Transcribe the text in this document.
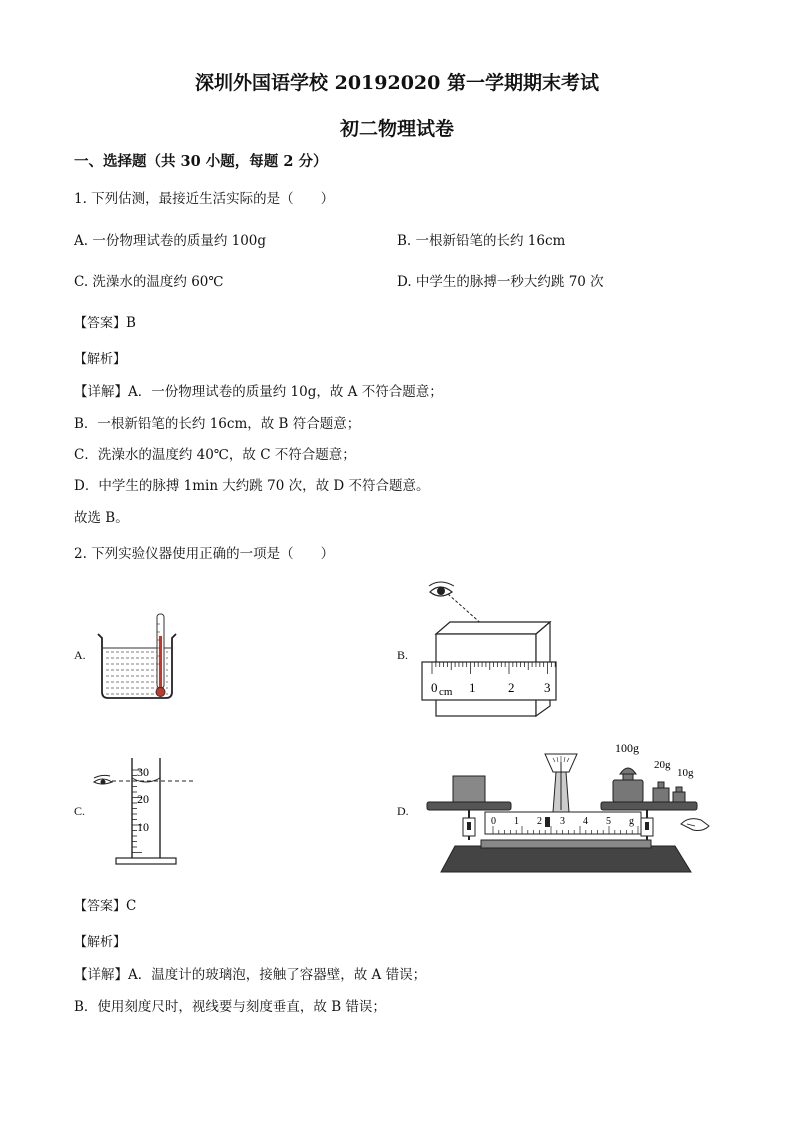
深圳外国语学校 20192020 第一学期期末考试
初二物理试卷
一、选择题（共 30 小题，每题 2 分）
1. 下列估测，最接近生活实际的是（　　）
A. 一份物理试卷的质量约 100g	B. 一根新铅笔的长约 16cm
C. 洗澡水的温度约 60℃	D. 中学生的脉搏一秒大约跳 70 次
【答案】B
【解析】
【详解】A．一份物理试卷的质量约 10g，故 A 不符合题意；
B．一根新铅笔的长约 16cm，故 B 符合题意；
C．洗澡水的温度约 40℃，故 C 不符合题意；
D．中学生的脉搏 1min 大约跳 70 次，故 D 不符合题意。
故选 B。
2. 下列实验仪器使用正确的一项是（　　）
A.	B.
C.	D.
0 cm 1	2 3
30
20
10
100g
20g
10g
0 1 2 3 4 5 g
【答案】C
【解析】
【详解】A．温度计的玻璃泡，接触了容器壁，故 A 错误；
B．使用刻度尺时，视线要与刻度垂直，故 B 错误；
